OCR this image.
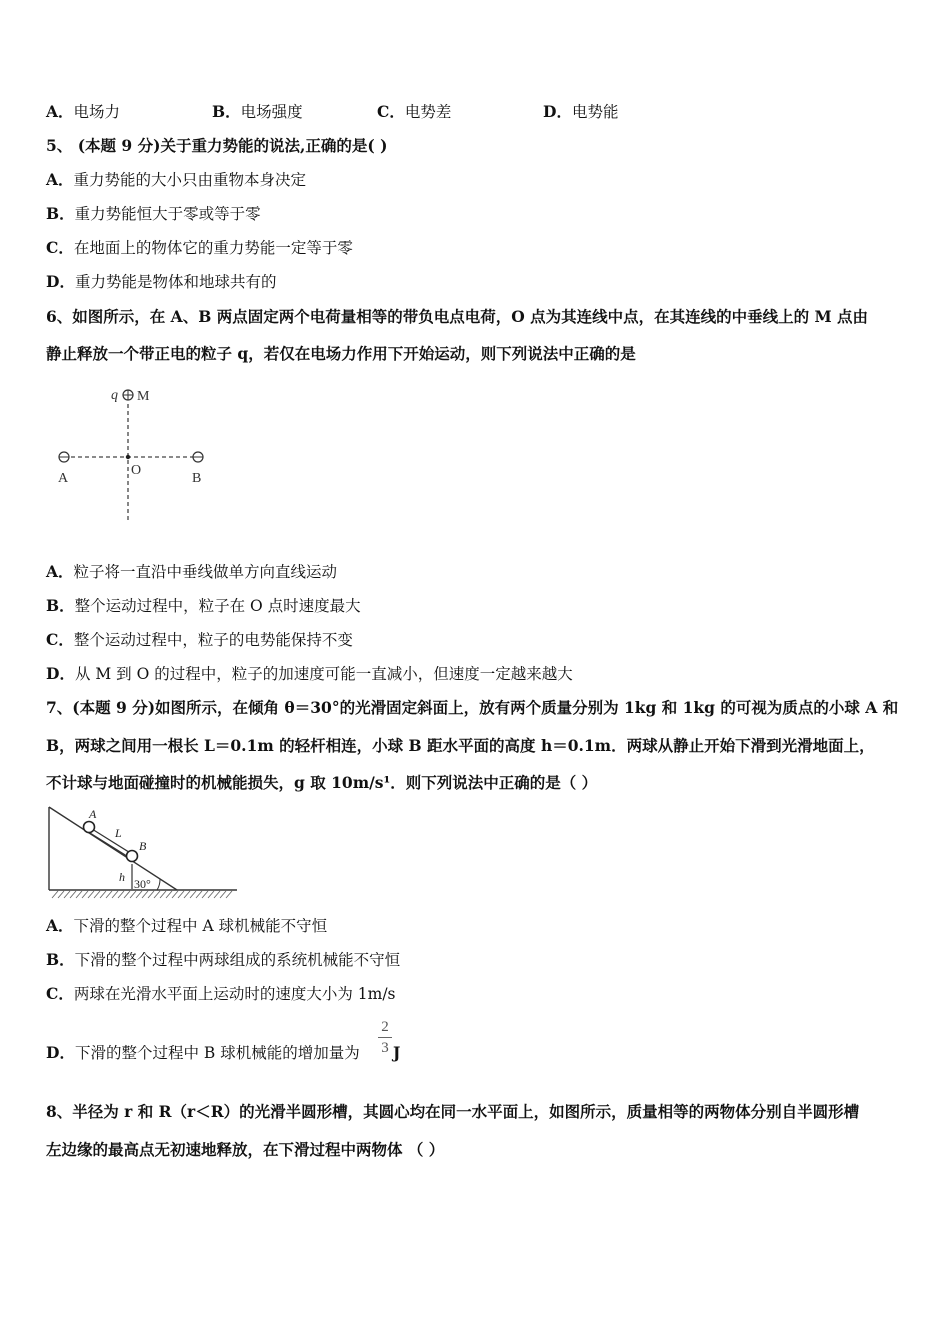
A．电场力	B．电场强度	C．电势差	D．电势能
5、 (本题 9 分)关于重力势能的说法,正确的是( )
A．重力势能的大小只由重物本身决定
B．重力势能恒大于零或等于零
C．在地面上的物体它的重力势能一定等于零
D．重力势能是物体和地球共有的
6、如图所示，在 A、B 两点固定两个电荷量相等的带负电点电荷，O 点为其连线中点，在其连线的中垂线上的 M 点由
静止释放一个带正电的粒子 q，若仅在电场力作用下开始运动，则下列说法中正确的是
q M
A
O
B
A．粒子将一直沿中垂线做单方向直线运动
B．整个运动过程中，粒子在 O 点时速度最大
C．整个运动过程中，粒子的电势能保持不变
D．从 M 到 O 的过程中，粒子的加速度可能一直减小，但速度一定越来越大
7、(本题 9 分)如图所示，在倾角 θ＝30°的光滑固定斜面上，放有两个质量分别为 1kg 和 1kg 的可视为质点的小球 A 和
B，两球之间用一根长 L＝0.1m 的轻杆相连，小球 B 距水平面的高度 h＝0.1m．两球从静止开始下滑到光滑地面上，
不计球与地面碰撞时的机械能损失，g 取 10m/s¹．则下列说法中正确的是（ ）
A
L
B
h 30°
A．下滑的整个过程中 A 球机械能不守恒
B．下滑的整个过程中两球组成的系统机械能不守恒
C．两球在光滑水平面上运动时的速度大小为 1m/s
D．下滑的整个过程中 B 球机械能的增加量为
2
3 J
8、半径为 r 和 R（r＜R）的光滑半圆形槽，其圆心均在同一水平面上，如图所示，质量相等的两物体分别自半圆形槽
左边缘的最高点无初速地释放，在下滑过程中两物体 （ ）
